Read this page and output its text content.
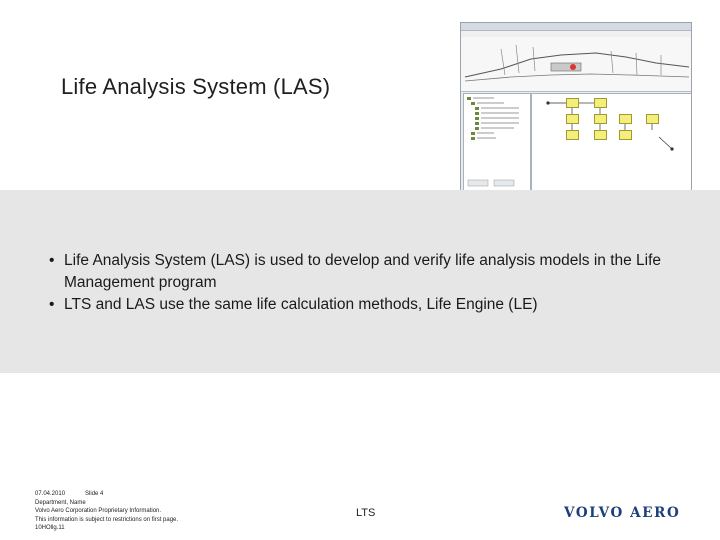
Life Analysis System (LAS)
• Life Analysis System (LAS) is used to develop and verify life analysis models in the Life Management program
• LTS and LAS use the same life calculation methods, Life Engine (LE)
07.04.2010	Slide 4
Department, Name
Volvo Aero Corporation Proprietary Information.
This information is subject to restrictions on first page.
10HOllg.11
LTS	VOLVO AERO
